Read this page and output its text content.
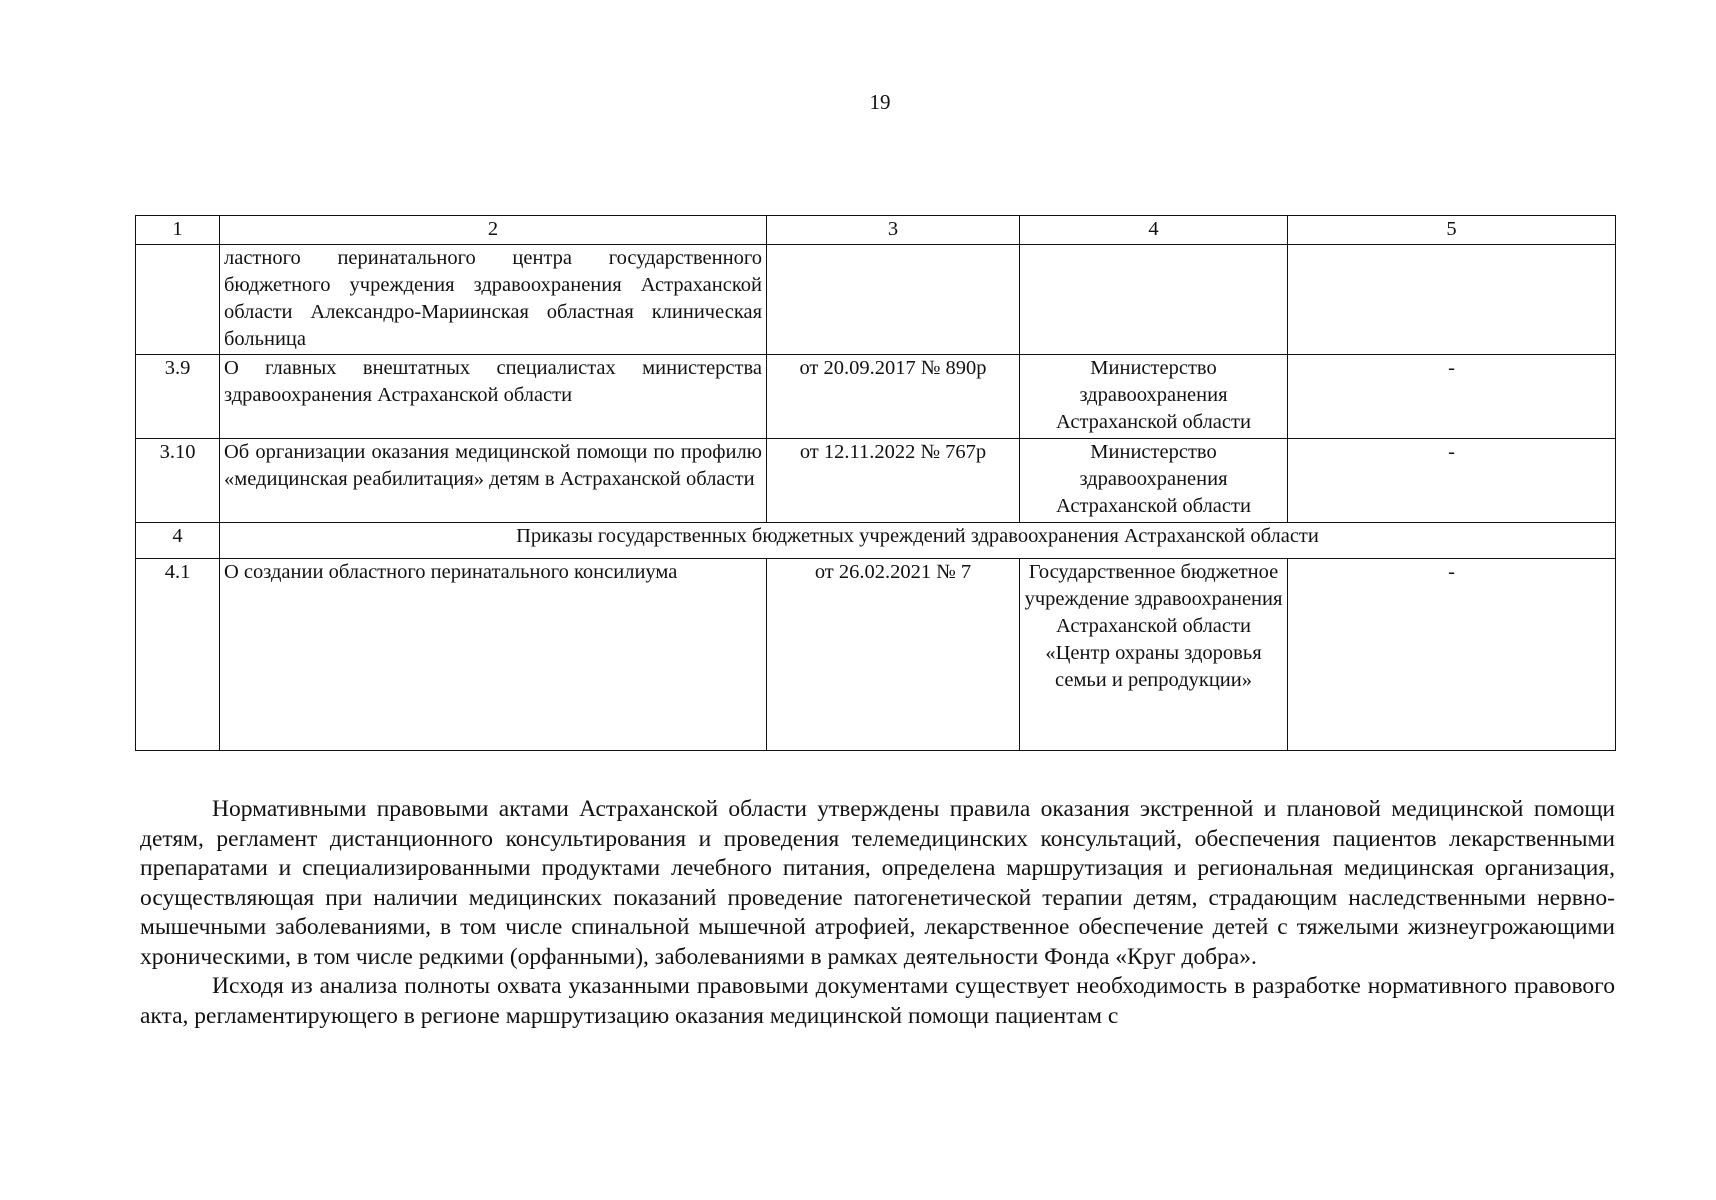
19
1	2	3	4	5
	ластного перинатального центра государственного бюджетного учреждения здравоохранения Астраханской области Александро-Мариинская областная клиническая больница			
3.9	О главных внештатных специалистах министерства здравоохранения Астраханской области	от 20.09.2017 № 890р	Министерство здравоохранения Астраханской области	-
3.10	Об организации оказания медицинской помощи по профилю «медицинская реабилитация» детям в Астраханской области	от 12.11.2022 № 767р	Министерство здравоохранения Астраханской области	-
4	Приказы государственных бюджетных учреждений здравоохранения Астраханской области			
4.1	О создании областного перинатального консилиума	от 26.02.2021 № 7	Государственное бюджетное учреждение здравоохранения Астраханской области «Центр охраны здоровья семьи и репродукции»	-

Нормативными правовыми актами Астраханской области утверждены правила оказания экстренной и плановой медицинской помощи детям, регламент дистанционного консультирования и проведения телемедицинских консультаций, обеспечения пациентов лекарственными препаратами и специализированными продуктами лечебного питания, определена маршрутизация и региональная медицинская организация, осуществляющая при наличии медицинских показаний проведение патогенетической терапии детям, страдающим наследственными нервно-мышечными заболеваниями, в том числе спинальной мышечной атрофией, лекарственное обеспечение детей с тяжелыми жизнеугрожающими хроническими, в том числе редкими (орфанными), заболеваниями в рамках деятельности Фонда «Круг добра».

Исходя из анализа полноты охвата указанными правовыми документами существует необходимость в разработке нормативного правового акта, регламентирующего в регионе маршрутизацию оказания медицинской помощи пациентам с
